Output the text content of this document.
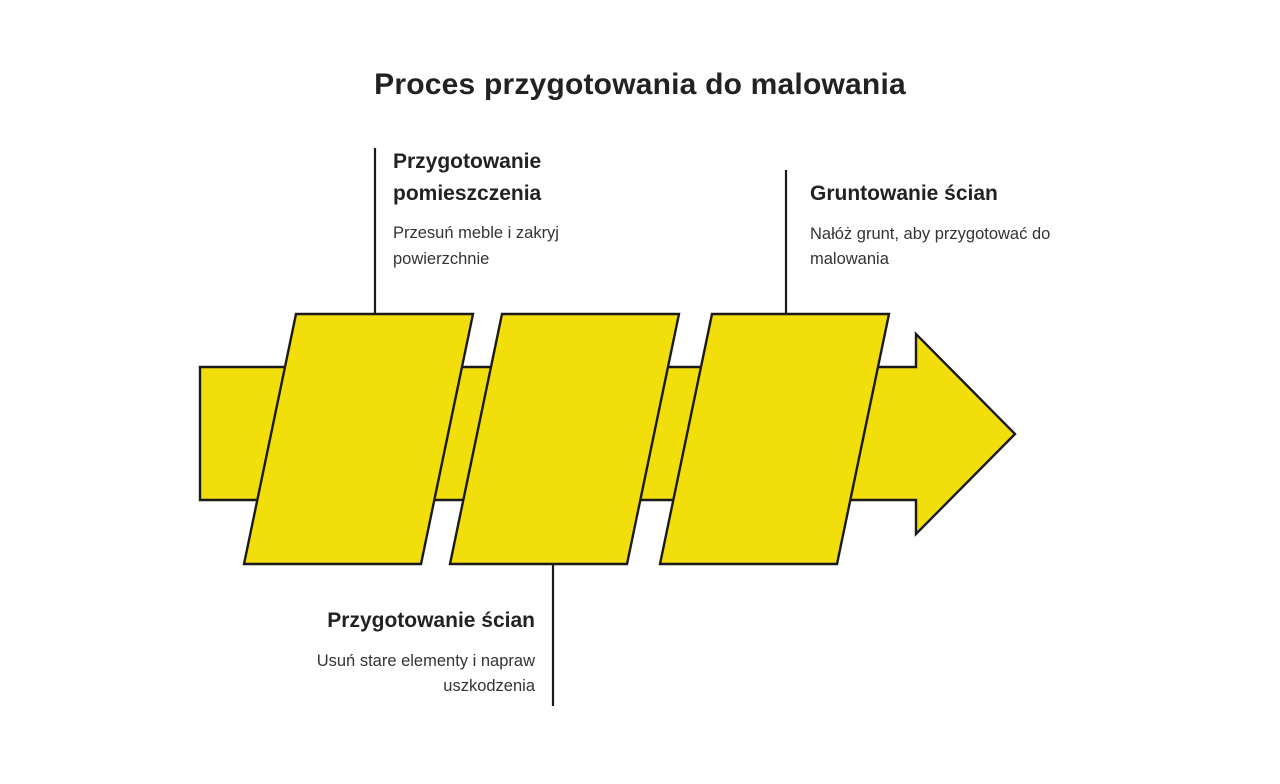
Proces przygotowania do malowania
Przygotowanie pomieszczenia
Przesuń meble i zakryj powierzchnie
Przygotowanie ścian
Usuń stare elementy i napraw uszkodzenia
Gruntowanie ścian
Nałóż grunt, aby przygotować do malowania
